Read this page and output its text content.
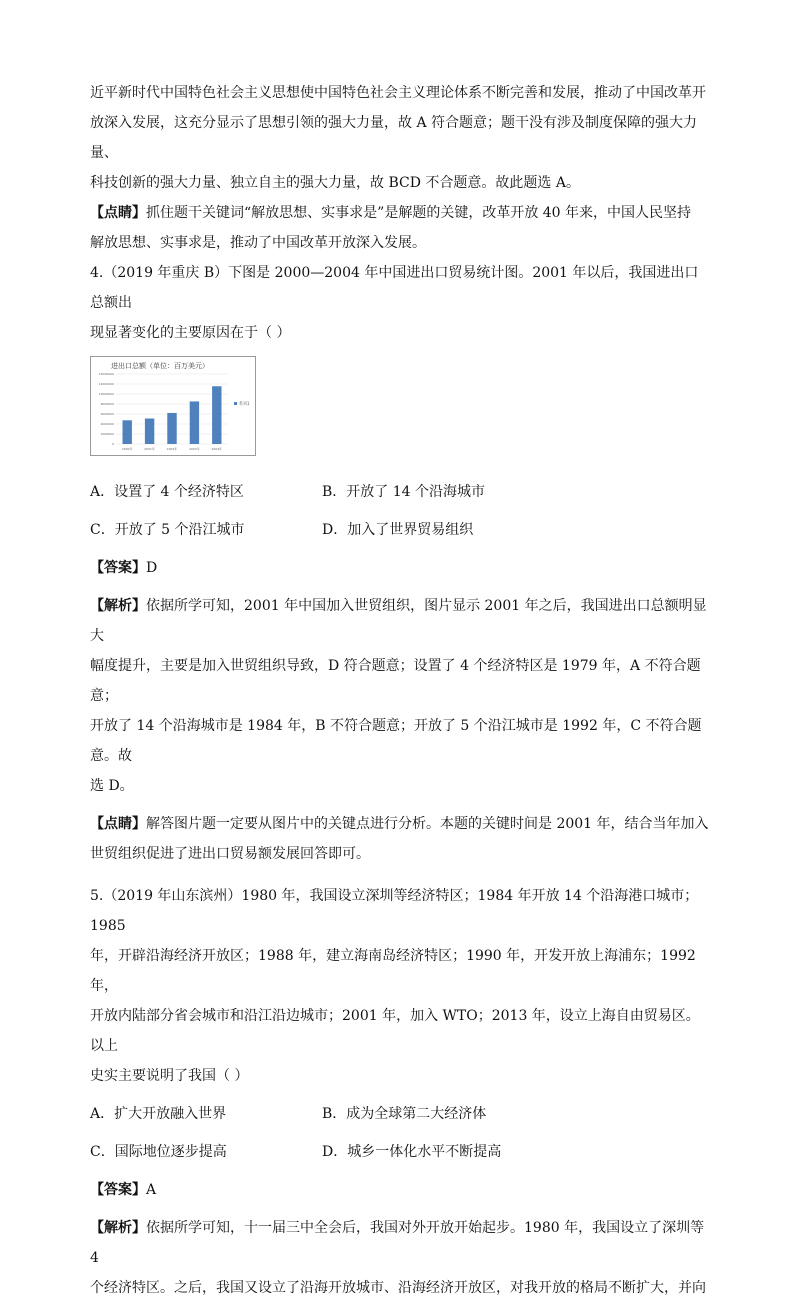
近平新时代中国特色社会主义思想使中国特色社会主义理论体系不断完善和发展，推动了中国改革开

放深入发展，这充分显示了思想引领的强大力量，故 A 符合题意；题干没有涉及制度保障的强大力量、

科技创新的强大力量、独立自主的强大力量，故 BCD 不合题意。故此题选 A。

【点睛】抓住题干关键词“解放思想、实事求是”是解题的关键，改革开放 40 年来，中国人民坚持

解放思想、实事求是，推动了中国改革开放深入发展。

4.（2019 年重庆 B）下图是 2000—2004 年中国进出口贸易统计图。2001 年以后，我国进出口总额出

现显著变化的主要原因在于（ ）

进出口总额（单位：百万美元）
0
2000000
4000000
6000000
8000000
10000000
12000000
14000000
2000年	2001年	2002年	2003年	2004年
系列1
A．设置了 4 个经济特区	B．开放了 14 个沿海城市
C．开放了 5 个沿江城市	D．加入了世界贸易组织

【答案】D

【解析】依据所学可知，2001 年中国加入世贸组织，图片显示 2001 年之后，我国进出口总额明显大

幅度提升，主要是加入世贸组织导致，D 符合题意；设置了 4 个经济特区是 1979 年，A 不符合题意；

开放了 14 个沿海城市是 1984 年，B 不符合题意；开放了 5 个沿江城市是 1992 年，C 不符合题意。故

选 D。

【点睛】解答图片题一定要从图片中的关键点进行分析。本题的关键时间是 2001 年，结合当年加入

世贸组织促进了进出口贸易额发展回答即可。

5.（2019 年山东滨州）1980 年，我国设立深圳等经济特区；1984 年开放 14 个沿海港口城市；1985

年，开辟沿海经济开放区；1988 年，建立海南岛经济特区；1990 年，开发开放上海浦东；1992 年，

开放内陆部分省会城市和沿江沿边城市；2001 年，加入 WTO；2013 年，设立上海自由贸易区。以上

史实主要说明了我国（ ）

A．扩大开放融入世界	B．成为全球第二大经济体
C．国际地位逐步提高	D．城乡一体化水平不断提高

【答案】A

【解析】依据所学可知，十一届三中全会后，我国对外开放开始起步。1980 年，我国设立了深圳等 4

个经济特区。之后，我国又设立了沿海开放城市、沿海经济开放区，对我开放的格局不断扩大，并向
